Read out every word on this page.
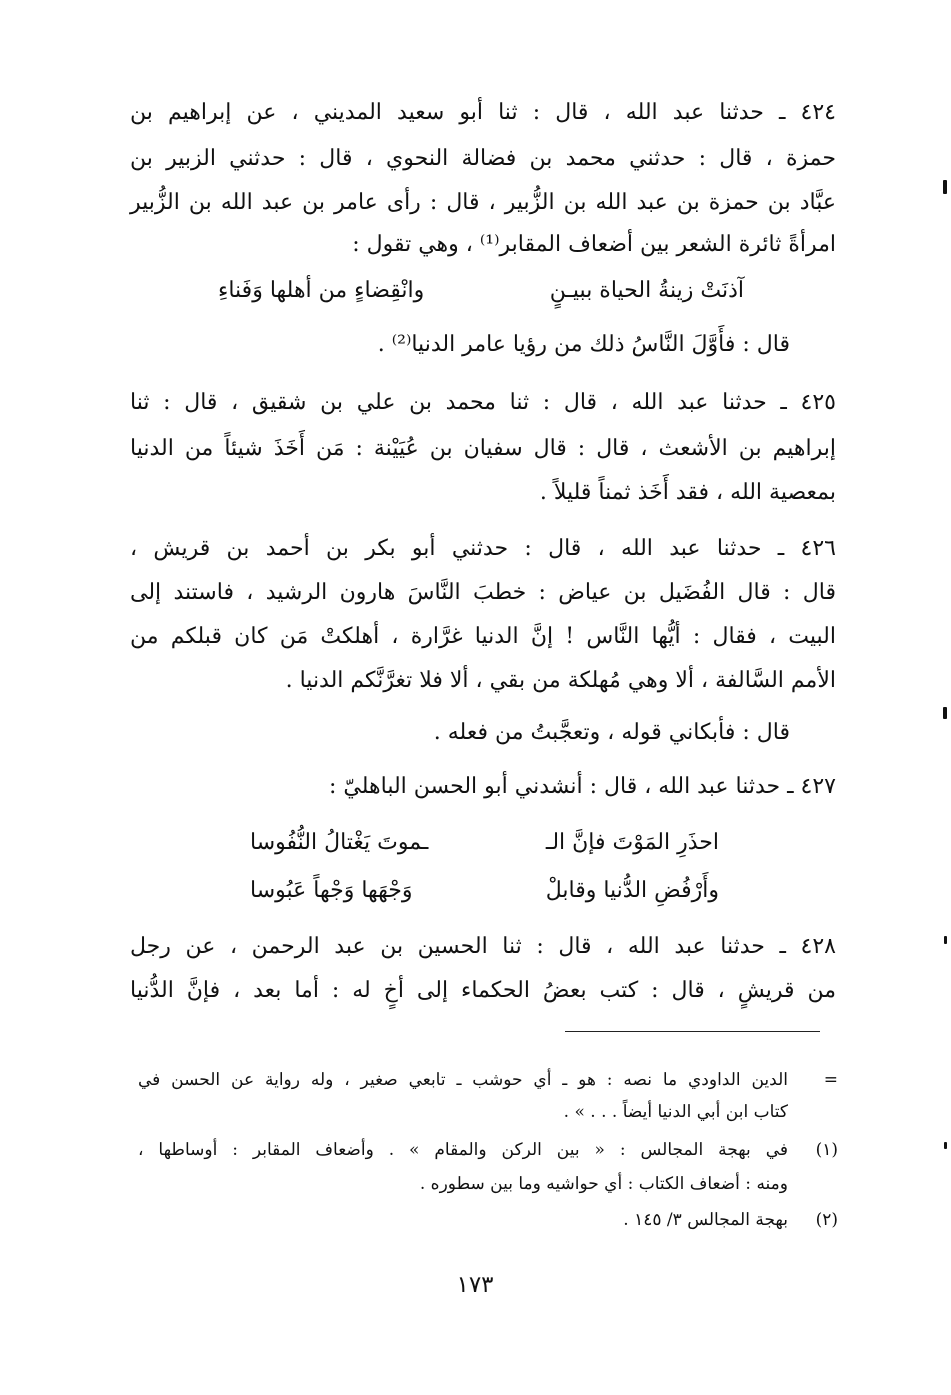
٤٢٤ ـ حدثنا عبد الله ، قال : ثنا أبو سعيد المديني ، عن إبراهيم بن
حمزة ، قال : حدثني محمد بن فضالة النحوي ، قال : حدثني الزبير بن
عبَّاد بن حمزة بن عبد الله بن الزُّبير ، قال : رأى عامر بن عبد الله بن الزُّبير
امرأةً ثائرة الشعر بين أضعاف المقابر⁽¹⁾ ، وهي تقول :
آذنَتْ زينةُ الحياة ببيـنٍ
وانْقِضاءٍ من أهلها وَفَناءِ
قال : فأَوَّلَ النَّاسُ ذلك من رؤيا عامر الدنيا⁽²⁾ .
٤٢٥ ـ حدثنا عبد الله ، قال : ثنا محمد بن علي بن شقيق ، قال : ثنا
إبراهيم بن الأشعث ، قال : قال سفيان بن عُيَيْنة : مَن أَخَذَ شيئاً من الدنيا
بمعصية الله ، فقد أَخَذ ثمناً قليلاً .
٤٢٦ ـ حدثنا عبد الله ، قال : حدثني أبو بكر بن أحمد بن قريش ،
قال : قال الفُضَيل بن عياض : خطبَ النَّاسَ هارون الرشيد ، فاستند إلى
البيت ، فقال : أيُّها النَّاس ! إنَّ الدنيا غرَّارة ، أهلكتْ مَن كان قبلكم من
الأمم السَّالفة ، ألا وهي مُهلكة من بقي ، ألا فلا تغرَّنَّكم الدنيا .
قال : فأبكاني قوله ، وتعجَّبتُ من فعله .
٤٢٧ ـ حدثنا عبد الله ، قال : أنشدني أبو الحسن الباهليّ :
احذَرِ المَوْتَ فإنَّ الـ
ـموتَ يَغْتالُ النُّفُوسا
وأَرْفُضِ الدُّنيا وقابلْ
وَجْهَها وَجْهاً عَبُوسا
٤٢٨ ـ حدثنا عبد الله ، قال : ثنا الحسين بن عبد الرحمن ، عن رجل
من قريشٍ ، قال : كتب بعضُ الحكماء إلى أخٍ له : أما بعد ، فإنَّ الدُّنيا
=
الدين الداودي ما نصه : هو ـ أي حوشب ـ تابعي صغير ، وله رواية عن الحسن في
كتاب ابن أبي الدنيا أيضاً . . . » .
(١)
في بهجة المجالس : « بين الركن والمقام » . وأضعاف المقابر : أوساطها ،
ومنه : أضعاف الكتاب : أي حواشيه وما بين سطوره .
(٢)
بهجة المجالس ٣/ ١٤٥ .
١٧٣
